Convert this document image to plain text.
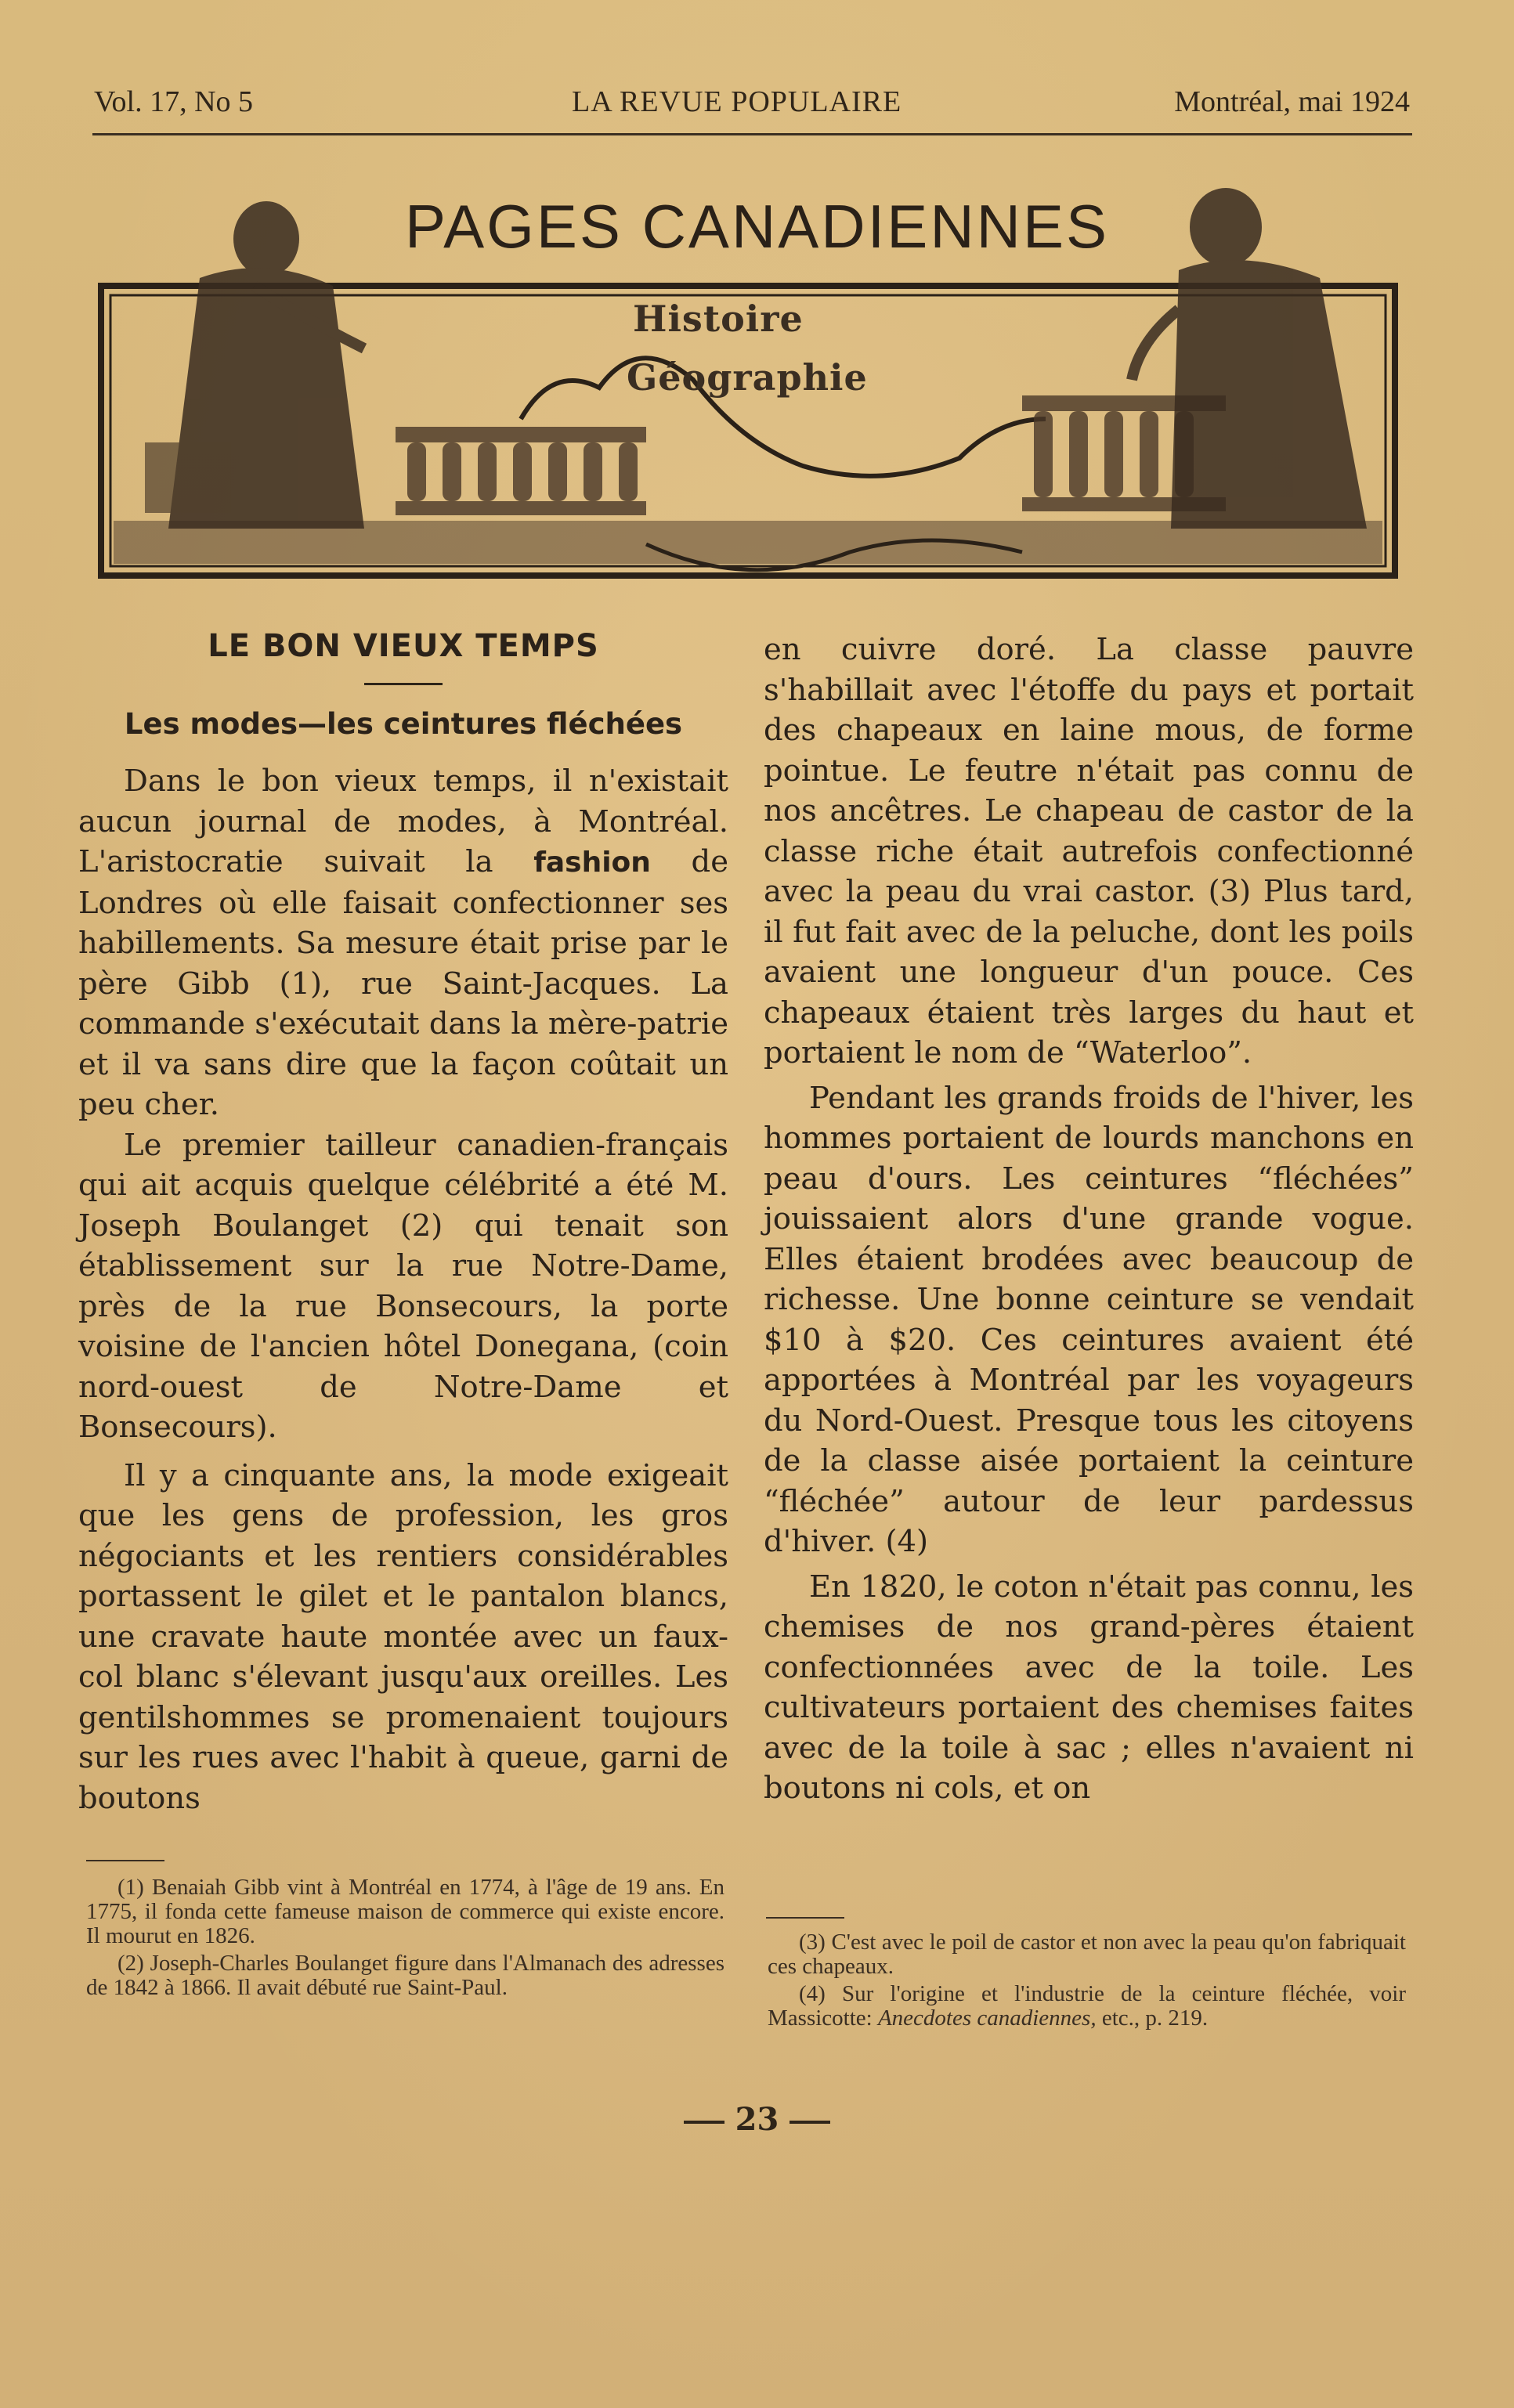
Vol. 17, No 5	LA REVUE POPULAIRE	Montréal, mai 1924
PAGES CANADIENNES
Histoire
Géographie
LE BON VIEUX TEMPS
Les modes—les ceintures fléchées

Dans le bon vieux temps, il n'existait aucun journal de modes, à Montréal. L'aristocratie suivait la fashion de Londres où elle faisait confectionner ses habillements. Sa mesure était prise par le père Gibb (1), rue Saint-Jacques. La commande s'exécutait dans la mère-patrie et il va sans dire que la façon coûtait un peu cher.

Le premier tailleur canadien-français qui ait acquis quelque célébrité a été M. Joseph Boulanget (2) qui tenait son établissement sur la rue Notre-Dame, près de la rue Bonsecours, la porte voisine de l'ancien hôtel Donegana, (coin nord-ouest de Notre-Dame et Bonsecours).

Il y a cinquante ans, la mode exigeait que les gens de profession, les gros négociants et les rentiers considérables portassent le gilet et le pantalon blancs, une cravate haute montée avec un faux-col blanc s'élevant jusqu'aux oreilles. Les gentilshommes se promenaient toujours sur les rues avec l'habit à queue, garni de boutons

en cuivre doré. La classe pauvre s'habillait avec l'étoffe du pays et portait des chapeaux en laine mous, de forme pointue. Le feutre n'était pas connu de nos ancêtres. Le chapeau de castor de la classe riche était autrefois confectionné avec la peau du vrai castor. (3) Plus tard, il fut fait avec de la peluche, dont les poils avaient une longueur d'un pouce. Ces chapeaux étaient très larges du haut et portaient le nom de “Waterloo”.

Pendant les grands froids de l'hiver, les hommes portaient de lourds manchons en peau d'ours. Les ceintures “fléchées” jouissaient alors d'une grande vogue. Elles étaient brodées avec beaucoup de richesse. Une bonne ceinture se vendait $10 à $20. Ces ceintures avaient été apportées à Montréal par les voyageurs du Nord-Ouest. Presque tous les citoyens de la classe aisée portaient la ceinture “fléchée” autour de leur pardessus d'hiver. (4)

En 1820, le coton n'était pas connu, les chemises de nos grand-pères étaient confectionnées avec de la toile. Les cultivateurs portaient des chemises faites avec de la toile à sac ; elles n'avaient ni boutons ni cols, et on

(1) Benaiah Gibb vint à Montréal en 1774, à l'âge de 19 ans. En 1775, il fonda cette fameuse maison de commerce qui existe encore. Il mourut en 1826.

(2) Joseph-Charles Boulanget figure dans l'Almanach des adresses de 1842 à 1866. Il avait débuté rue Saint-Paul.

(3) C'est avec le poil de castor et non avec la peau qu'on fabriquait ces chapeaux.

(4) Sur l'origine et l'industrie de la ceinture fléchée, voir Massicotte: Anecdotes canadiennes, etc., p. 219.

23
